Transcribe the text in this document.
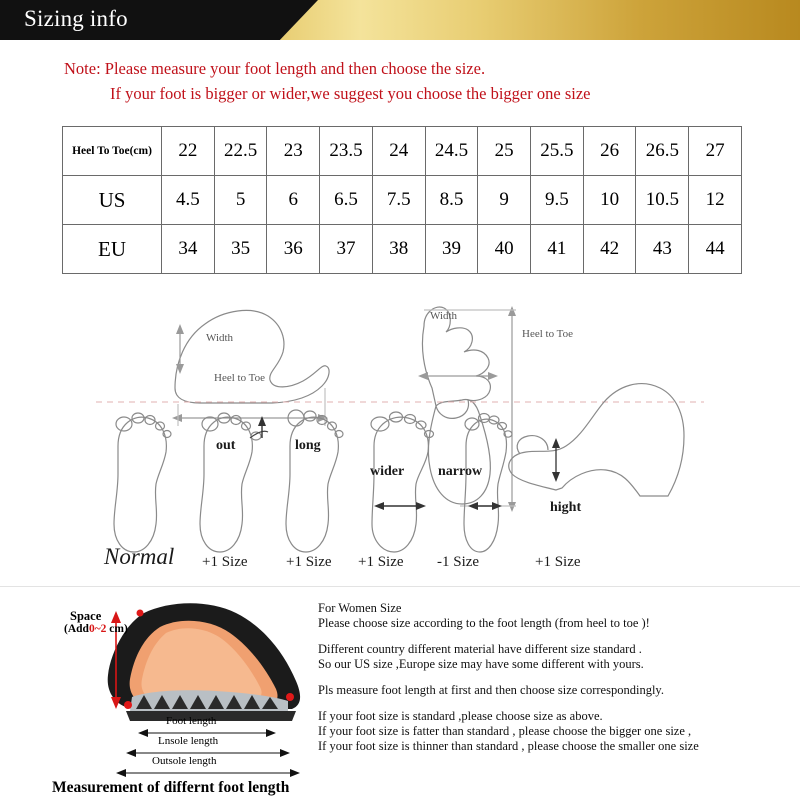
Sizing info
Note: Please measure your foot length and then choose the size.
If your foot is bigger or wider,we suggest you choose the bigger one size
Heel To Toe(cm)	22	22.5	23	23.5	24	24.5	25	25.5	26	26.5	27
US	4.5	5	6	6.5	7.5	8.5	9	9.5	10	10.5	12
EU	34	35	36	37	38	39	40	41	42	43	44
Width
Heel to Toe
Width
Heel to Toe
out	long
wider narrow
hight
Normal +1 Size	+1 Size +1 Size -1 Size	+1 Size
Space
(Add0~2 cm)
Foot length
Lnsole length
Outsole length
Measurement of differnt foot length

For Women Size

Please choose size according to the foot length (from heel to toe )!

Different country different material have different size standard .

So our US size ,Europe size may have some different with yours.

Pls measure foot length at first and then choose size correspondingly.

If your foot size is standard ,please choose size as above.

If your foot size is fatter than standard , please choose the bigger one size ,

If your foot size is thinner than standard , please choose the smaller one size
